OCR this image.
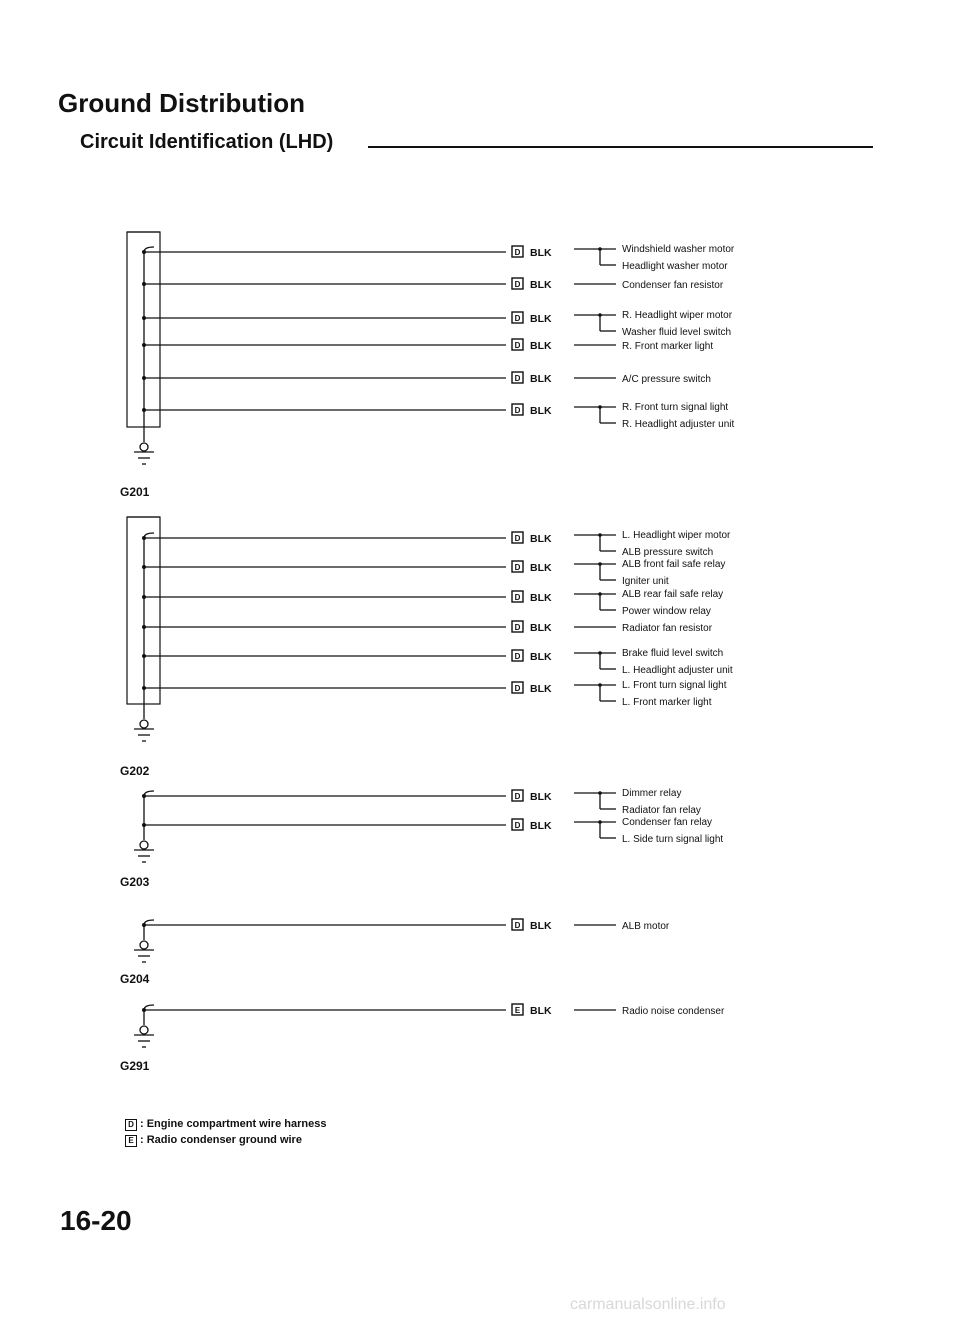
Ground Distribution
Circuit Identification (LHD)
G201
D BLK	Windshield washer motor
Headlight washer motor
D BLK	Condenser fan resistor
D BLK	R. Headlight wiper motor
Washer fluid level switch
D BLK	R. Front marker light
D BLK	A/C pressure switch
D BLK	R. Front turn signal light
R. Headlight adjuster unit
G202
D BLK	L. Headlight wiper motor
ALB pressure switch
D BLK	ALB front fail safe relay
Igniter unit
D BLK	ALB rear fail safe relay
Power window relay
D BLK	Radiator fan resistor
D BLK	Brake fluid level switch
L. Headlight adjuster unit
D BLK	L. Front turn signal light
L. Front marker light
G203
D BLK	Dimmer relay
Radiator fan relay
D BLK	Condenser fan relay
L. Side turn signal light
G204
D BLK	ALB motor
G291
E BLK	Radio noise condenser
D : Engine compartment wire harness
E : Radio condenser ground wire
16-20
carmanualsonline.info
